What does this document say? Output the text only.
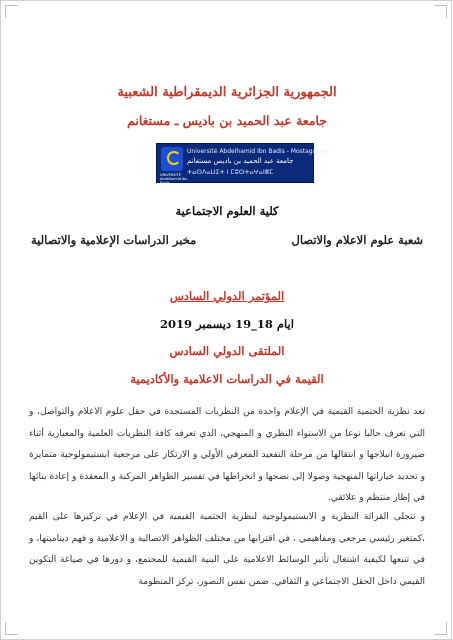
الجمهورية الجزائرية الديمقراطية الشعبية
جامعة عبد الحميد بن باديس ـ مستغانم
Université Abdelhamid Ibn Badis - Mostaganem
جامعة عبد الحميد بن باديس مستغانم
ⵜⴰⵙⴷⴰⵡⵉⵜ ⵏ ⵎⵓⵙⵜⴰⵖⴰⵏⴻⵎ
UNIVERSITÉ Abdelhamid Ibn Badis MOSTAGANEM
كلية العلوم الاجتماعية
شعبة علوم الاعلام والاتصال
مخبر الدراسات الإعلامية والاتصالية
المؤتمر الدولي السادس
ايام 18_19 ديسمبر 2019
الملتقى الدولي السادس
القيمة في الدراسات الاعلامية والأكاديمية
تعد نظرية الحتمية القيمية في الإعلام واحدة من النظريات المستجدة في حقل علوم الاعلام والتواصل، و التي تعرف حاليا نوعا من الاستواء النظري و المنهجي، الذي تعرفه كافة النظريات العلمية والمعيارية أثناء صيرورة انبلاجها و انتقالها من مرحلة التفعيد المعرفي الأولي و الارتكاز على مرجعية ابستيمولوجية متمايزة و تحديد خياراتها المنهجية وصولا إلى نضجها و انخراطها في تفسير الظواهر المركبة و المعقدة و إعادة بنائها في إطار منتظم و علائقي.
و تتجلى القرائة النظرية و الابستيمولوجية لنظرية الحتمية القيمية في الإعلام في تركيزها على القيم ،كمتغير رئيسي مرجعي ومفاهيمي ، في اقترابها من مختلف الظواهر الاتصالية و الاعلامية و فهم ديناميتها، و في تتبعها لكيفية اشتغال تأثير الوسائط الاعلامية على البنية القيمية للمجتمع، و دورها في صياغة التكوين القيمي داخل الحقل الاجتماعي و الثقافي. ضمن نفس التصور، تركز المنظومة
